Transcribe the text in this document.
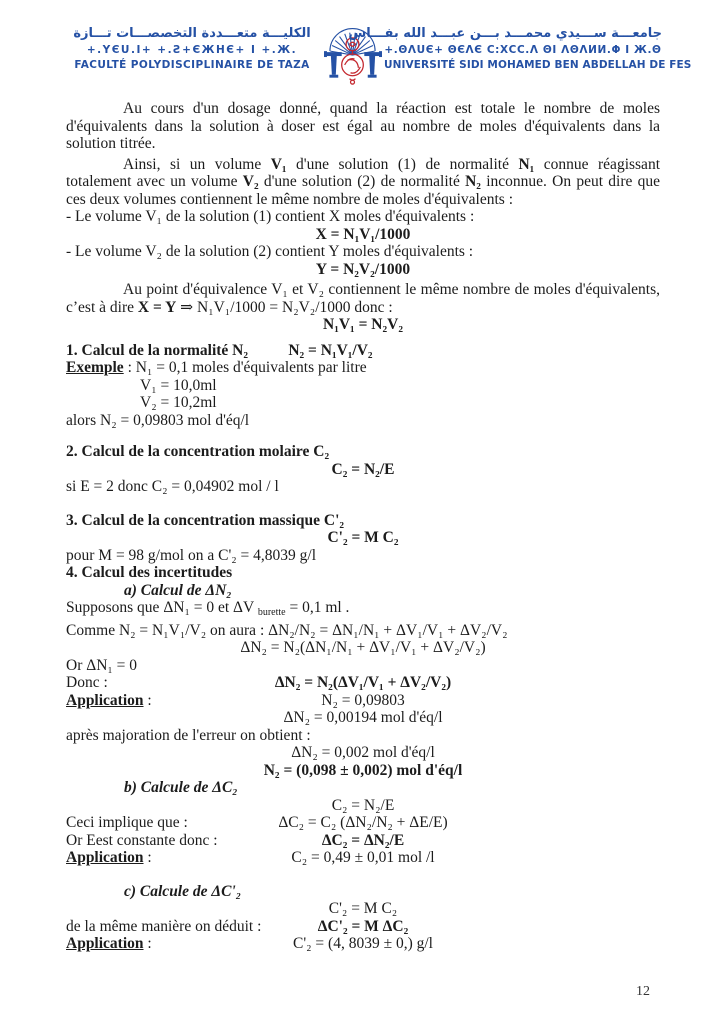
الكليـــة متعـــددة التخصصـــات تـــازة
+.YЄU.I+ +.Ƨ+ЄЖHЄ+ I +.Ж.
FACULTÉ POLYDISCIPLINAIRE DE TAZA
جامعـــة ســـيدي محمـــد بـــن عبـــد الله بفـــاس
+.ΘΛUЄ+ ΘЄΛЄ C:ΧCC.Λ ΘΙ ΛΘΛИИ.Φ Ι Ж.Θ
UNIVERSITÉ SIDI MOHAMED BEN ABDELLAH DE FES
Au cours d'un dosage donné, quand la réaction est totale le nombre de moles d'équivalents dans la solution à doser est égal au nombre de moles d'équivalents dans la solution titrée.
Ainsi, si un volume V₁ d'une solution (1) de normalité N₁ connue réagissant totalement avec un volume V₂ d'une solution (2) de normalité N₂ inconnue. On peut dire que ces deux volumes contiennent le même nombre de moles d'équivalents :
- Le volume V₁ de la solution (1) contient X moles d'équivalents :
X = N₁V₁/1000
- Le volume V₂ de la solution (2) contient Y moles d'équivalents :
Y = N₂V₂/1000
Au point d'équivalence V₁ et V₂ contiennent le même nombre de moles d'équivalents, c’est à dire X = Y ⇒ N₁V₁/1000 = N₂V₂/1000 donc :
N₁V₁ = N₂V₂
1. Calcul de la normalité N₂	N₂ = N₁V₁/V₂
Exemple : N₁ = 0,1 moles d'équivalents par litre
V₁ = 10,0ml
V₂ = 10,2ml
alors N₂ = 0,09803 mol d'éq/l
2. Calcul de la concentration molaire C₂
C₂ = N₂/E
si E = 2 donc C₂ = 0,04902 mol / l
3. Calcul de la concentration massique C'₂
C'₂ = M C₂
pour M = 98 g/mol on a C'₂ = 4,8039 g/l
4. Calcul des incertitudes
a) Calcul de ΔN₂
Supposons que ΔN₁ = 0 et ΔV burette = 0,1 ml .
Comme N₂ = N₁V₁/V₂ on aura : ΔN₂/N₂ = ΔN₁/N₁ + ΔV₁/V₁ + ΔV₂/V₂
ΔN₂ = N₂(ΔN₁/N₁ + ΔV₁/V₁ + ΔV₂/V₂)
Or ΔN₁ = 0
Donc :	ΔN₂ = N₂(ΔV₁/V₁ + ΔV₂/V₂)
Application :	N₂ = 0,09803
ΔN₂ = 0,00194 mol d'éq/l
après majoration de l'erreur on obtient :
ΔN₂ = 0,002 mol d'éq/l
N₂ = (0,098 ± 0,002) mol d'éq/l
b) Calcule de ΔC₂
C₂ = N₂/E
Ceci implique que :	ΔC₂ = C₂ (ΔN₂/N₂ + ΔE/E)
Or Eest constante donc :	ΔC₂ = ΔN₂/E
Application :	C₂ = 0,49 ± 0,01 mol /l
c) Calcule de ΔC'₂
C'₂ = M C₂
de la même manière on déduit :	ΔC'₂ = M ΔC₂
Application :	C'₂ = (4, 8039 ± 0,) g/l
12
